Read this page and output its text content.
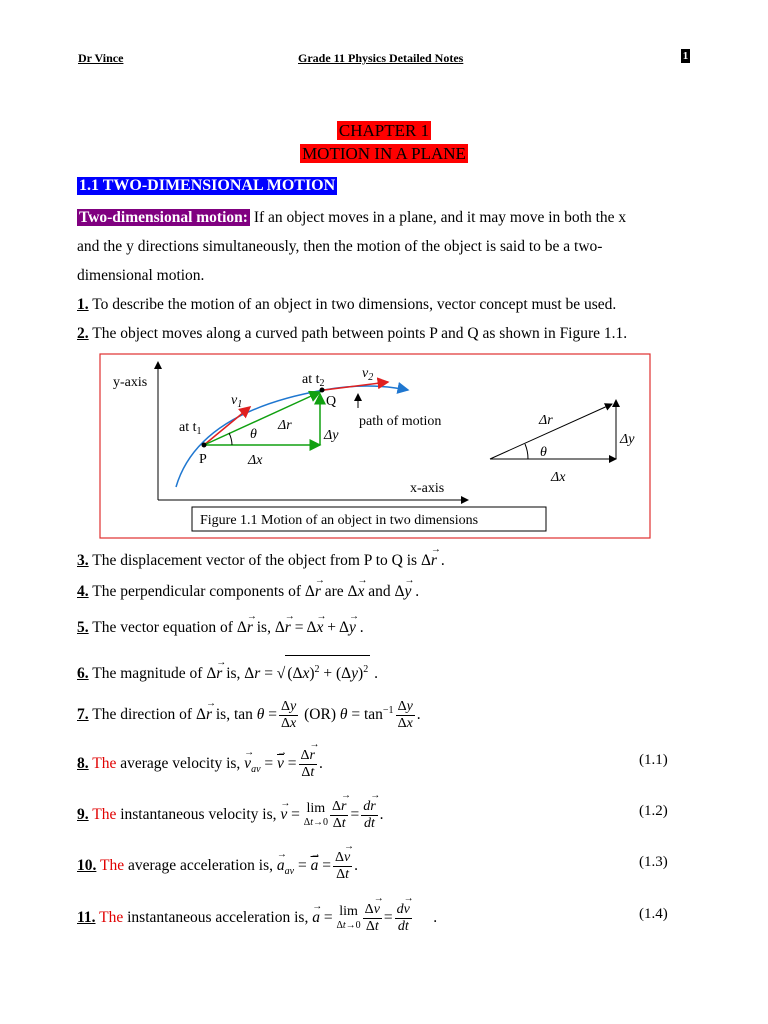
Dr Vince	Grade 11 Physics Detailed Notes	1
CHAPTER 1
MOTION IN A PLANE
1.1 TWO-DIMENSIONAL MOTION
Two-dimensional motion: If an object moves in a plane, and it may move in both the x
and the y directions simultaneously, then the motion of the object is said to be a two-
dimensional motion.
1. To describe the motion of an object in two dimensions, vector concept must be used.
2. The object moves along a curved path between points P and Q as shown in Figure 1.1.
y-axis
x-axis
at $t_1$
at $t_2$
P
Q
path of motion
θ
Δr
Δx
Δy
$v_1$
$v_2$
Δr
Δy
θ
Δx
Figure 1.1 Motion of an object in two dimensions
3. The displacement vector of the object from P to Q is Δ→ r .
4. The perpendicular components of Δ→ r are Δ→ x and Δ→ y .
5. The vector equation of Δ→ r is, Δ→ r = Δ→ x + Δ→ y .
6. The magnitude of Δ→ r is, Δr = √ $(\Delta x)^2 + (\Delta y)^2$ .
7. The direction of Δ→ r is, $\tan \theta = \frac{\Delta y}{\Delta x} (OR) \theta = \tan^{-1} \frac{\Delta y}{\Delta x}$ .
8. The average velocity is, → $v_{av}$ = → $\overline{v} = \frac{\Delta\to r}{\Delta t}$ .	(1.1)
9. The instantaneous velocity is, → v = lim
$\Delta t\to 0 \frac{\Delta\to r}{\Delta t} = \frac{d\to r}{dt}$ .	(1.2)
10. The average acceleration is, → $a_{av}$ = → $\overline{a} = \frac{\Delta\to v}{\Delta t}$ .	(1.3)
11. The instantaneous acceleration is, → a = lim
$\Delta t\to 0 \frac{\Delta\to v}{\Delta t} = \frac{d\to v}{dt}$ .	(1.4)
